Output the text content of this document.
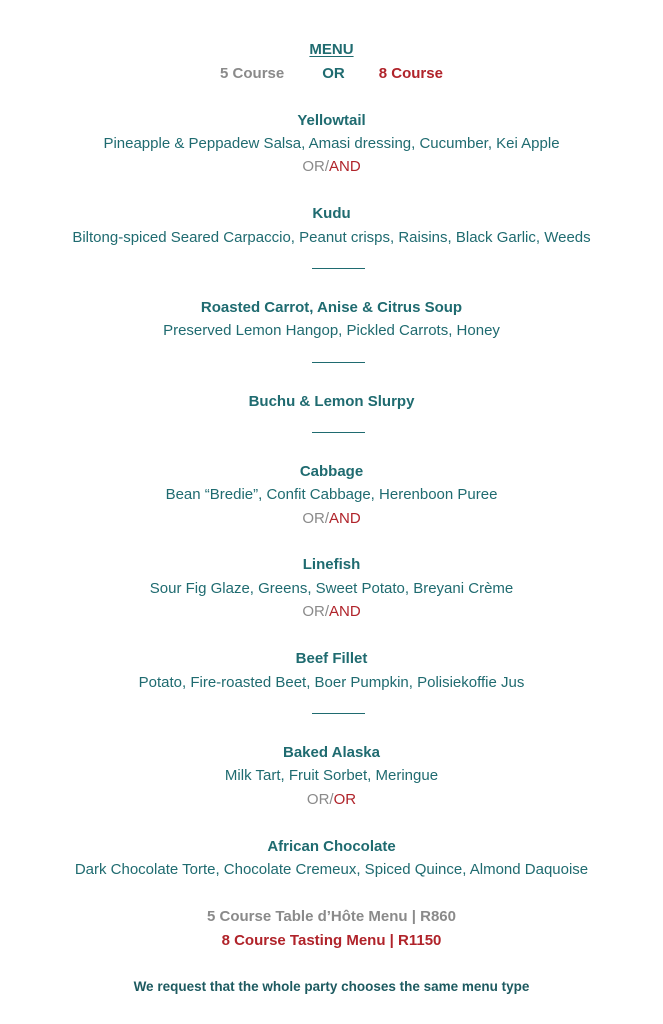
MENU
5 Course	OR 8 Course
Yellowtail
Pineapple & Peppadew Salsa, Amasi dressing, Cucumber, Kei Apple
OR/AND
Kudu
Biltong-spiced Seared Carpaccio, Peanut crisps, Raisins, Black Garlic, Weeds
Roasted Carrot, Anise & Citrus Soup
Preserved Lemon Hangop, Pickled Carrots, Honey
Buchu & Lemon Slurpy
Cabbage
Bean “Bredie”, Confit Cabbage, Herenboon Puree
OR/AND
Linefish
Sour Fig Glaze, Greens, Sweet Potato, Breyani Crème
OR/AND
Beef Fillet
Potato, Fire-roasted Beet, Boer Pumpkin, Polisiekoffie Jus
Baked Alaska
Milk Tart, Fruit Sorbet, Meringue
OR/OR
African Chocolate
Dark Chocolate Torte, Chocolate Cremeux, Spiced Quince, Almond Daquoise
5 Course Table d’Hôte Menu | R860
8 Course Tasting Menu | R1150
We request that the whole party chooses the same menu type
